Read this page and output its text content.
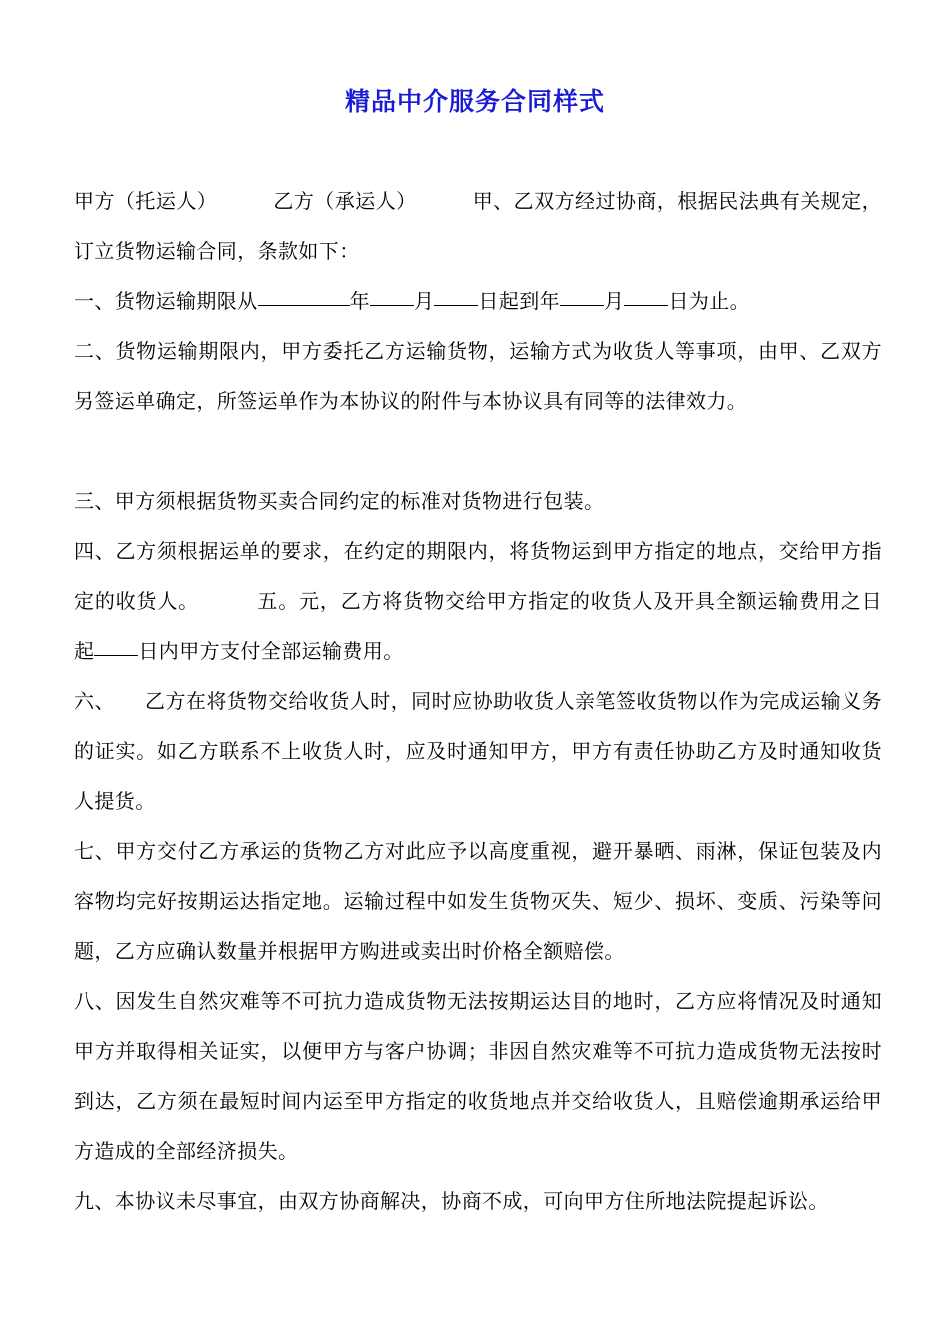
精品中介服务合同样式

甲方（托运人）	乙方（承运人）	甲、乙双方经过协商，根据民法典有关规定，订立货物运输合同，条款如下：

一、货物运输期限从	年 月 日起到年 月 日为止。

二、货物运输期限内，甲方委托乙方运输货物，运输方式为收货人等事项，由甲、乙双方另签运单确定，所签运单作为本协议的附件与本协议具有同等的法律效力。

三、甲方须根据货物买卖合同约定的标准对货物进行包装。

四、乙方须根据运单的要求，在约定的期限内，将货物运到甲方指定的地点，交给甲方指定的收货人。	五。元，乙方将货物交给甲方指定的收货人及开具全额运输费用之日起 日内甲方支付全部运输费用。

六、 乙方在将货物交给收货人时，同时应协助收货人亲笔签收货物以作为完成运输义务的证实。如乙方联系不上收货人时，应及时通知甲方，甲方有责任协助乙方及时通知收货人提货。

七、甲方交付乙方承运的货物乙方对此应予以高度重视，避开暴晒、雨淋，保证包装及内容物均完好按期运达指定地。运输过程中如发生货物灭失、短少、损坏、变质、污染等问题，乙方应确认数量并根据甲方购进或卖出时价格全额赔偿。

八、因发生自然灾难等不可抗力造成货物无法按期运达目的地时，乙方应将情况及时通知甲方并取得相关证实，以便甲方与客户协调；非因自然灾难等不可抗力造成货物无法按时到达，乙方须在最短时间内运至甲方指定的收货地点并交给收货人，且赔偿逾期承运给甲方造成的全部经济损失。

九、本协议未尽事宜，由双方协商解决，协商不成，可向甲方住所地法院提起诉讼。
